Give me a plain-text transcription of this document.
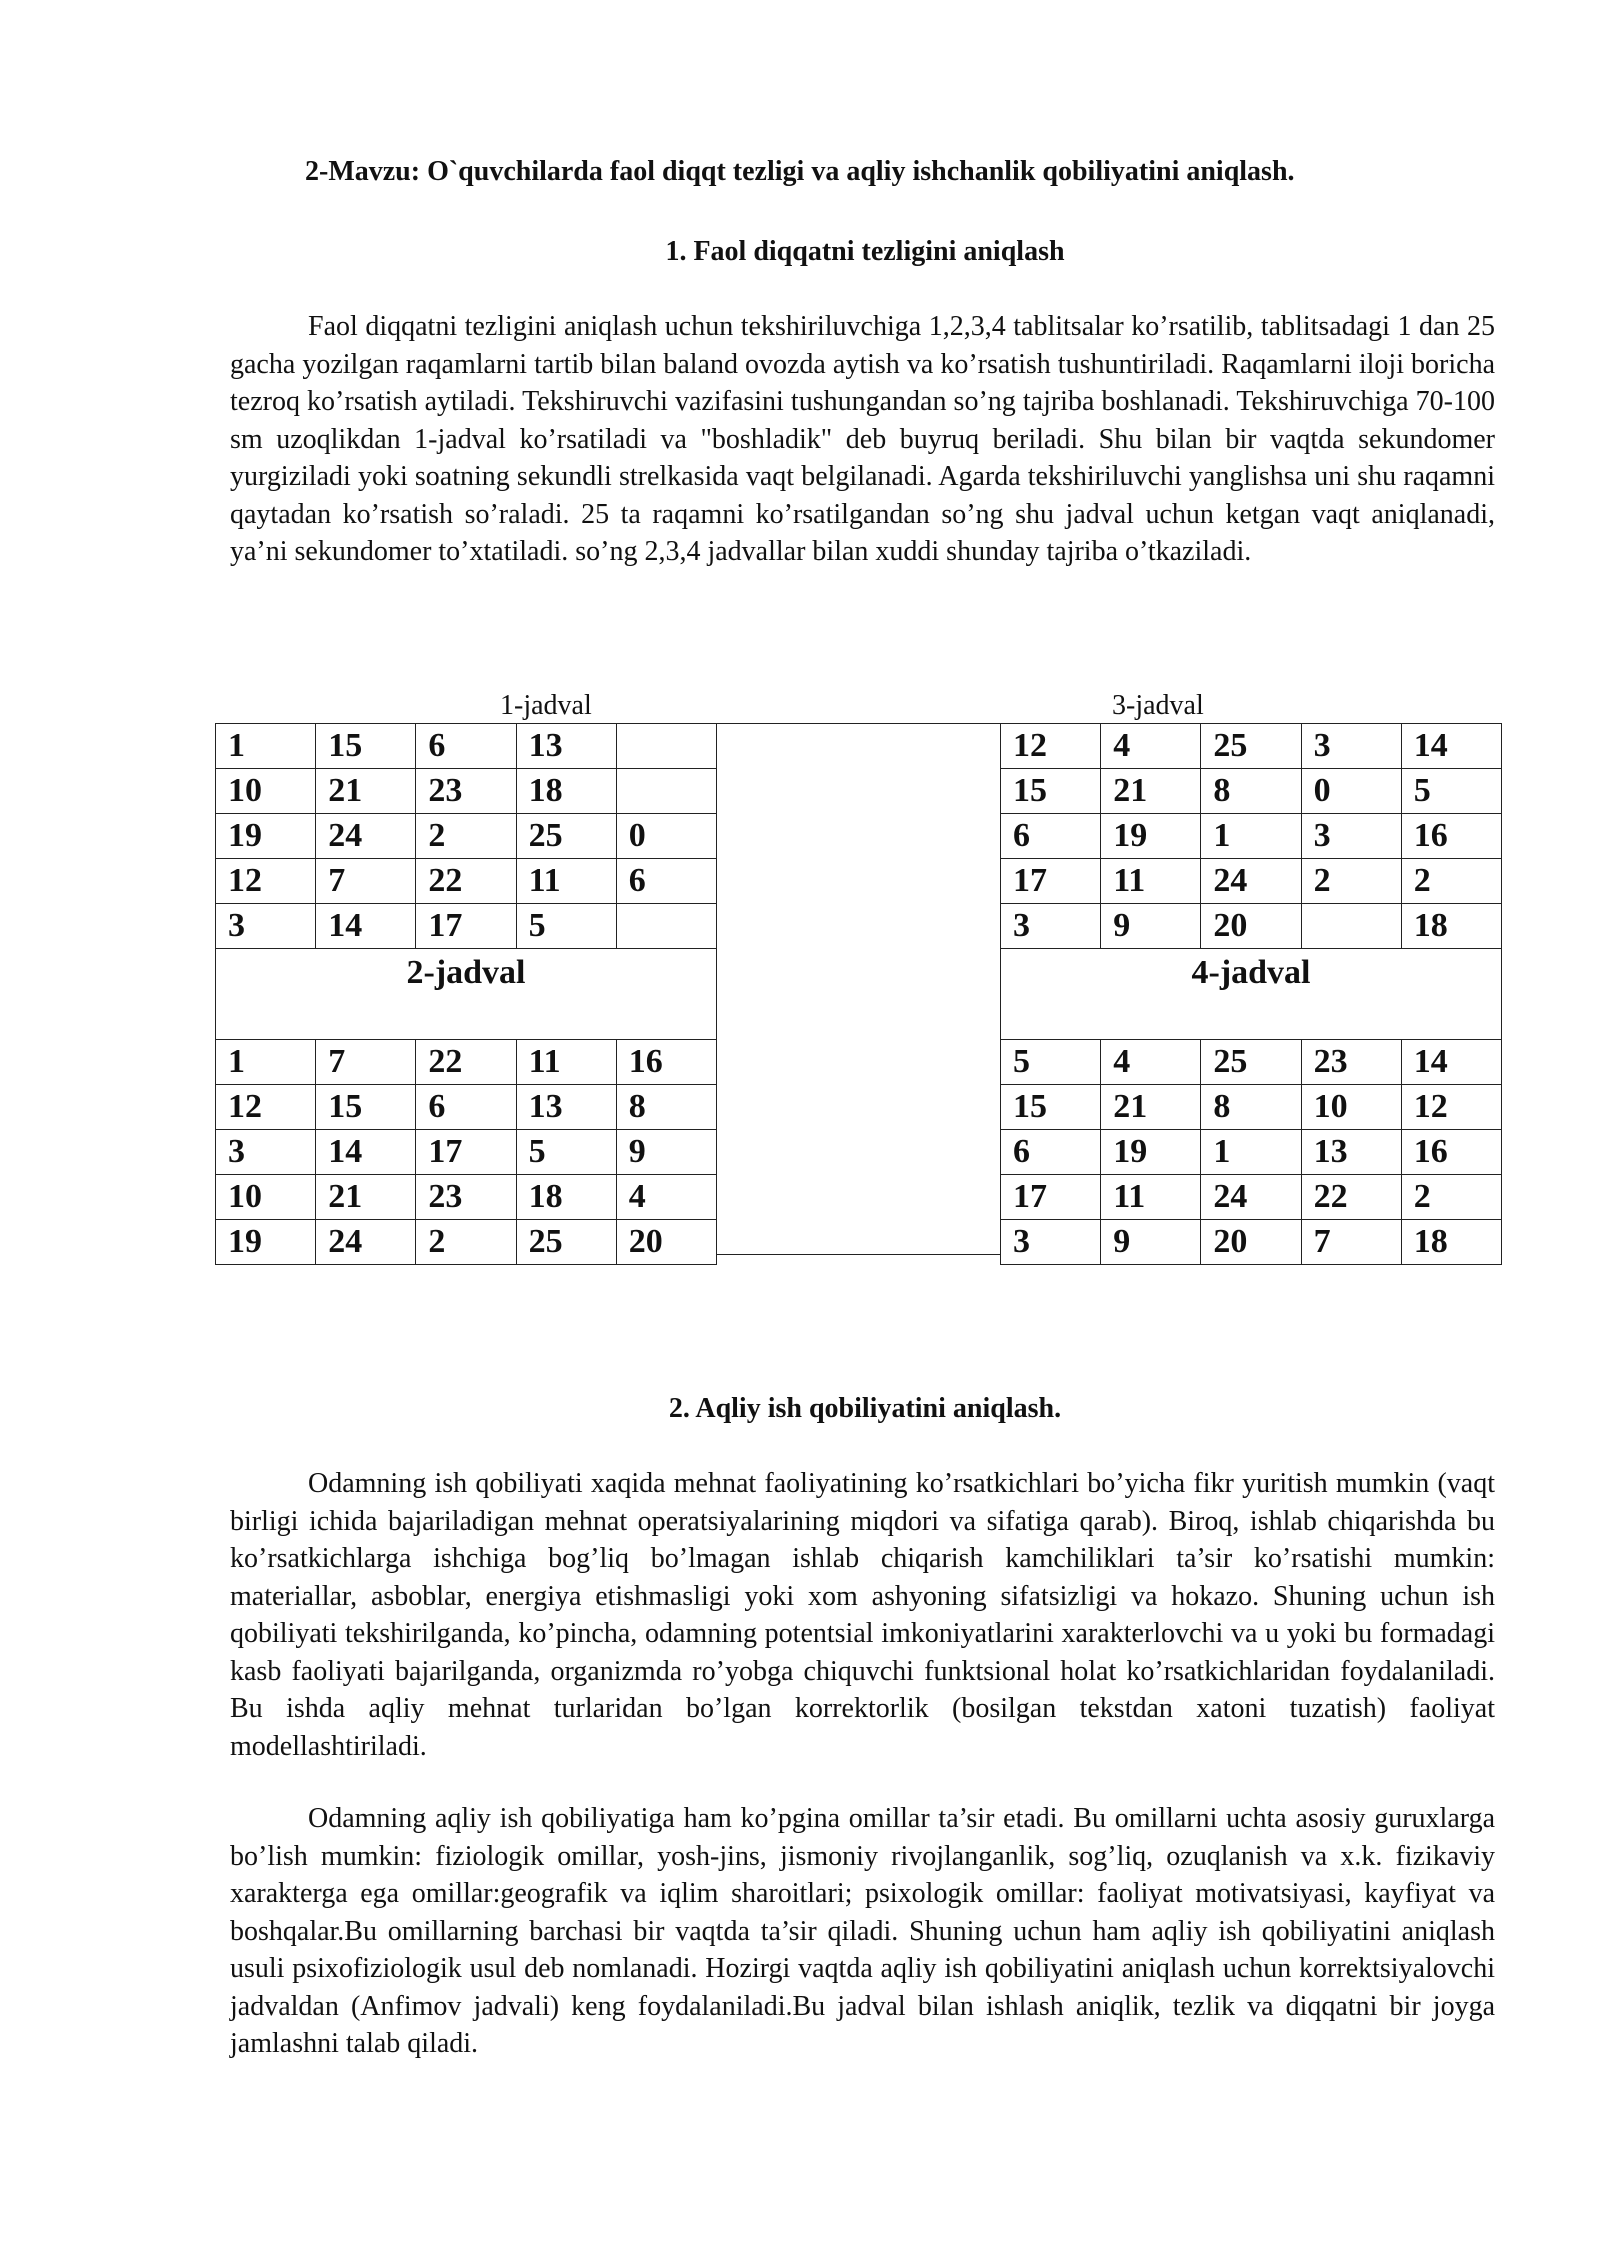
2-Mavzu: O`quvchilarda faol diqqt tezligi va aqliy ishchanlik qobiliyatini aniqlash.
1. Faol diqqatni tezligini aniqlash

Faol diqqatni tezligini aniqlash uchun tekshiriluvchiga 1,2,3,4 tablitsalar ko’rsatilib, tablitsadagi 1 dan 25 gacha yozilgan raqamlarni tartib bilan baland ovozda aytish va ko’rsatish tushuntiriladi. Raqamlarni iloji boricha tezroq ko’rsatish aytiladi. Tekshiruvchi vazifasini tushungandan so’ng tajriba boshlanadi. Tekshiruvchiga 70-100 sm uzoqlikdan 1-jadval ko’rsatiladi va "boshladik" deb buyruq beriladi. Shu bilan bir vaqtda sekundomer yurgiziladi yoki soatning sekundli strelkasida vaqt belgilanadi. Agarda tekshiriluvchi yanglishsa uni shu raqamni qaytadan ko’rsatish so’raladi. 25 ta raqamni ko’rsatilgandan so’ng shu jadval uchun ketgan vaqt aniqlanadi, ya’ni sekundomer to’xtatiladi. so’ng 2,3,4 jadvallar bilan xuddi shunday tajriba o’tkaziladi.

1-jadval	3-jadval
1	15	6	13	
10	21	23	18	
19	24	2	25	0
12	7	22	11	6
3	14	17	5	
2-jadval				
1	7	22	11	16
12	15	6	13	8
3	14	17	5	9
10	21	23	18	4
19	24	2	25	20
12	4	25	3	14
15	21	8	0	5
6	19	1	3	16
17	11	24	2	2
3	9	20		18
4-jadval				
5	4	25	23	14
15	21	8	10	12
6	19	1	13	16
17	11	24	22	2
3	9	20	7	18
2. Aqliy ish qobiliyatini aniqlash.

Odamning ish qobiliyati xaqida mehnat faoliyatining ko’rsatkichlari bo’yicha fikr yuritish mumkin (vaqt birligi ichida bajariladigan mehnat operatsiyalarining miqdori va sifatiga qarab). Biroq, ishlab chiqarishda bu ko’rsatkichlarga ishchiga bog’liq bo’lmagan ishlab chiqarish kamchiliklari ta’sir ko’rsatishi mumkin: materiallar, asboblar, energiya etishmasligi yoki xom ashyoning sifatsizligi va hokazo. Shuning uchun ish qobiliyati tekshirilganda, ko’pincha, odamning potentsial imkoniyatlarini xarakterlovchi va u yoki bu formadagi kasb faoliyati bajarilganda, organizmda ro’yobga chiquvchi funktsional holat ko’rsatkichlaridan foydalaniladi. Bu ishda aqliy mehnat turlaridan bo’lgan korrektorlik (bosilgan tekstdan xatoni tuzatish) faoliyat modellashtiriladi.

Odamning aqliy ish qobiliyatiga ham ko’pgina omillar ta’sir etadi. Bu omillarni uchta asosiy guruxlarga bo’lish mumkin: fiziologik omillar, yosh-jins, jismoniy rivojlanganlik, sog’liq, ozuqlanish va x.k. fizikaviy xarakterga ega omillar:geografik va iqlim sharoitlari; psixologik omillar: faoliyat motivatsiyasi, kayfiyat va boshqalar.Bu omillarning barchasi bir vaqtda ta’sir qiladi. Shuning uchun ham aqliy ish qobiliyatini aniqlash usuli psixofiziologik usul deb nomlanadi. Hozirgi vaqtda aqliy ish qobiliyatini aniqlash uchun korrektsiyalovchi jadvaldan (Anfimov jadvali) keng foydalaniladi.Bu jadval bilan ishlash aniqlik, tezlik va diqqatni bir joyga jamlashni talab qiladi.
